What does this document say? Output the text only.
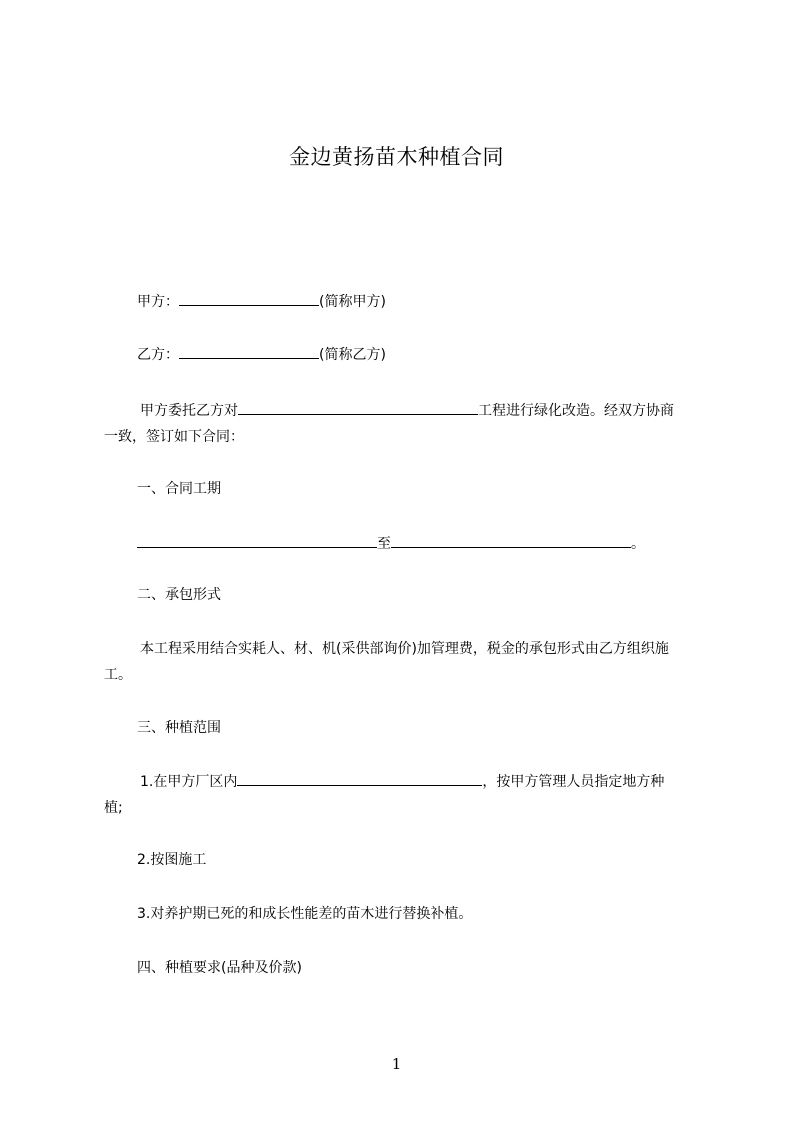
金边黄扬苗木种植合同
甲方：	(简称甲方)
乙方：	(简称乙方)
甲方委托乙方对	工程进行绿化改造。经双方协商一致，签订如下合同：
一、合同工期
至	。
二、承包形式
本工程采用结合实耗人、材、机(采供部询价)加管理费，税金的承包形式由乙方组织施工。
三、种植范围
1.在甲方厂区内	，按甲方管理人员指定地方种植;
2.按图施工
3.对养护期已死的和成长性能差的苗木进行替换补植。
四、种植要求(品种及价款)
1
